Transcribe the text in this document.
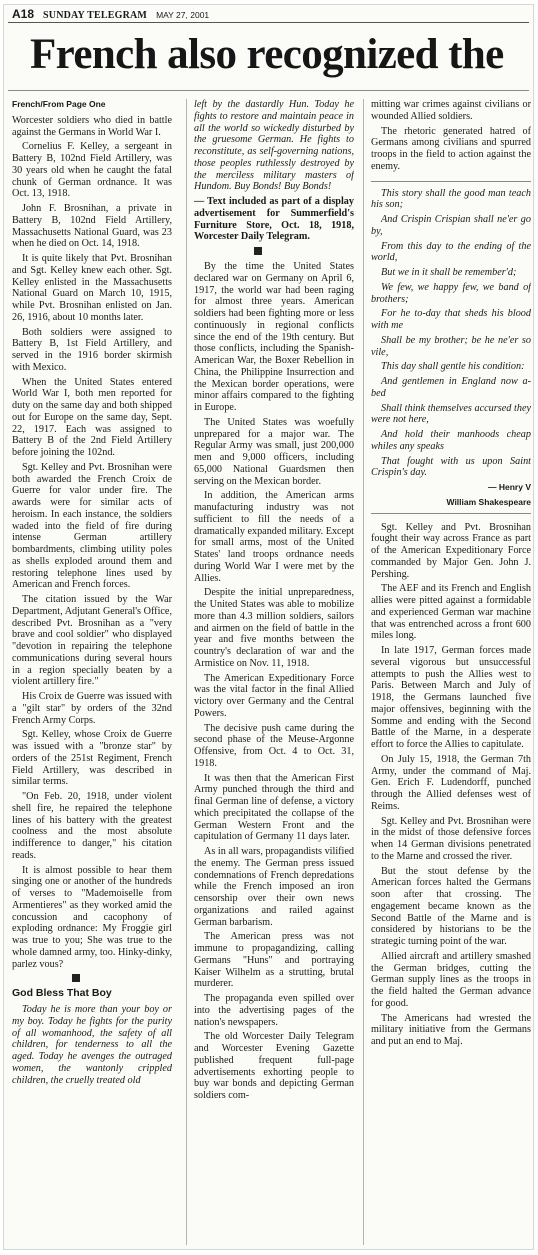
A18 SUNDAY TELEGRAM MAY 27, 2001
French also recognized the
French/From Page One

Worcester soldiers who died in battle against the Germans in World War I.

Cornelius F. Kelley, a sergeant in Battery B, 102nd Field Artillery, was 30 years old when he caught the fatal chunk of German ordnance. It was Oct. 13, 1918.

John F. Brosnihan, a private in Battery B, 102nd Field Artillery, Massachusetts National Guard, was 23 when he died on Oct. 14, 1918.

It is quite likely that Pvt. Brosnihan and Sgt. Kelley knew each other. Sgt. Kelley enlisted in the Massachusetts National Guard on March 10, 1915, while Pvt. Brosnihan enlisted on Jan. 26, 1916, about 10 months later.

Both soldiers were assigned to Battery B, 1st Field Artillery, and served in the 1916 border skirmish with Mexico.

When the United States entered World War I, both men reported for duty on the same day and both shipped out for Europe on the same day, Sept. 22, 1917. Each was assigned to Battery B of the 2nd Field Artillery before joining the 102nd.

Sgt. Kelley and Pvt. Brosnihan were both awarded the French Croix de Guerre for valor under fire. The awards were for similar acts of heroism. In each instance, the soldiers waded into the field of fire during intense German artillery bombardments, climbing utility poles as shells exploded around them and restoring telephone lines used by American and French forces.

The citation issued by the War Department, Adjutant General's Office, described Pvt. Brosnihan as a "very brave and cool soldier" who displayed "devotion in repairing the telephone communications during several hours in a region specially beaten by a violent artillery fire."

His Croix de Guerre was issued with a "gilt star" by orders of the 32nd French Army Corps.

Sgt. Kelley, whose Croix de Guerre was issued with a "bronze star" by orders of the 251st Regiment, French Field Artillery, was described in similar terms.

"On Feb. 20, 1918, under violent shell fire, he repaired the telephone lines of his battery with the greatest coolness and the most absolute indifference to danger," his citation reads.

It is almost possible to hear them singing one or another of the hundreds of verses to "Mademoiselle from Armentieres" as they worked amid the concussion and cacophony of exploding ordnance: My Froggie girl was true to you; She was true to the whole damned army, too. Hinky-dinky, parlez vous?

God Bless That Boy

Today he is more than your boy or my boy. Today he fights for the purity of all womanhood, the safety of all children, for tenderness to all the aged. Today he avenges the outraged women, the wantonly crippled children, the cruelly treated old

left by the dastardly Hun. Today he fights to restore and maintain peace in all the world so wickedly disturbed by the gruesome German. He fights to reconstitute, as self-governing nations, those peoples ruthlessly destroyed by the merciless military masters of Hundom. Buy Bonds! Buy Bonds!

— Text included as part of a display advertisement for Summerfield's Furniture Store, Oct. 18, 1918, Worcester Daily Telegram.

By the time the United States declared war on Germany on April 6, 1917, the world war had been raging for almost three years. American soldiers had been fighting more or less continuously in regional conflicts since the end of the 19th century. But those conflicts, including the Spanish-American War, the Boxer Rebellion in China, the Philippine Insurrection and the Mexican border operations, were minor affairs compared to the fighting in Europe.

The United States was woefully unprepared for a major war. The Regular Army was small, just 200,000 men and 9,000 officers, including 65,000 National Guardsmen then serving on the Mexican border.

In addition, the American arms manufacturing industry was not sufficient to fill the needs of a dramatically expanded military. Except for small arms, most of the United States' land troops ordnance needs during World War I were met by the Allies.

Despite the initial unpreparedness, the United States was able to mobilize more than 4.3 million soldiers, sailors and airmen on the field of battle in the year and five months between the country's declaration of war and the Armistice on Nov. 11, 1918.

The American Expeditionary Force was the vital factor in the final Allied victory over Germany and the Central Powers.

The decisive push came during the second phase of the Meuse-Argonne Offensive, from Oct. 4 to Oct. 31, 1918.

It was then that the American First Army punched through the third and final German line of defense, a victory which precipitated the collapse of the German Western Front and the capitulation of Germany 11 days later.

As in all wars, propagandists vilified the enemy. The German press issued condemnations of French depredations while the French imposed an iron censorship over their own news organizations and railed against German barbarism.

The American press was not immune to propagandizing, calling Germans "Huns" and portraying Kaiser Wilhelm as a strutting, brutal murderer.

The propaganda even spilled over into the advertising pages of the nation's newspapers.

The old Worcester Daily Telegram and Worcester Evening Gazette published frequent full-page advertisements exhorting people to buy war bonds and depicting German soldiers com-

mitting war crimes against civilians or wounded Allied soldiers.

The rhetoric generated hatred of Germans among civilians and spurred troops in the field to action against the enemy.

This story shall the good man teach his son;

And Crispin Crispian shall ne'er go by,

From this day to the ending of the world,

But we in it shall be remember'd;

We few, we happy few, we band of brothers;

For he to-day that sheds his blood with me

Shall be my brother; be he ne'er so vile,

This day shall gentle his condition:

And gentlemen in England now a-bed

Shall think themselves accursed they were not here,

And hold their manhoods cheap whiles any speaks

That fought with us upon Saint Crispin's day.

— Henry V

William Shakespeare

Sgt. Kelley and Pvt. Brosnihan fought their way across France as part of the American Expeditionary Force commanded by Major Gen. John J. Pershing.

The AEF and its French and English allies were pitted against a formidable and experienced German war machine that was entrenched across a front 600 miles long.

In late 1917, German forces made several vigorous but unsuccessful attempts to push the Allies west to Paris. Between March and July of 1918, the Germans launched five major offensives, beginning with the Somme and ending with the Second Battle of the Marne, in a desperate effort to force the Allies to capitulate.

On July 15, 1918, the German 7th Army, under the command of Maj. Gen. Erich F. Ludendorff, punched through the Allied defenses west of Reims.

Sgt. Kelley and Pvt. Brosnihan were in the midst of those defensive forces when 14 German divisions penetrated to the Marne and crossed the river.

But the stout defense by the American forces halted the Germans soon after that crossing. The engagement became known as the Second Battle of the Marne and is considered by historians to be the strategic turning point of the war.

Allied aircraft and artillery smashed the German bridges, cutting the German supply lines as the troops in the field halted the German advance for good.

The Americans had wrested the military initiative from the Germans and put an end to Maj.
